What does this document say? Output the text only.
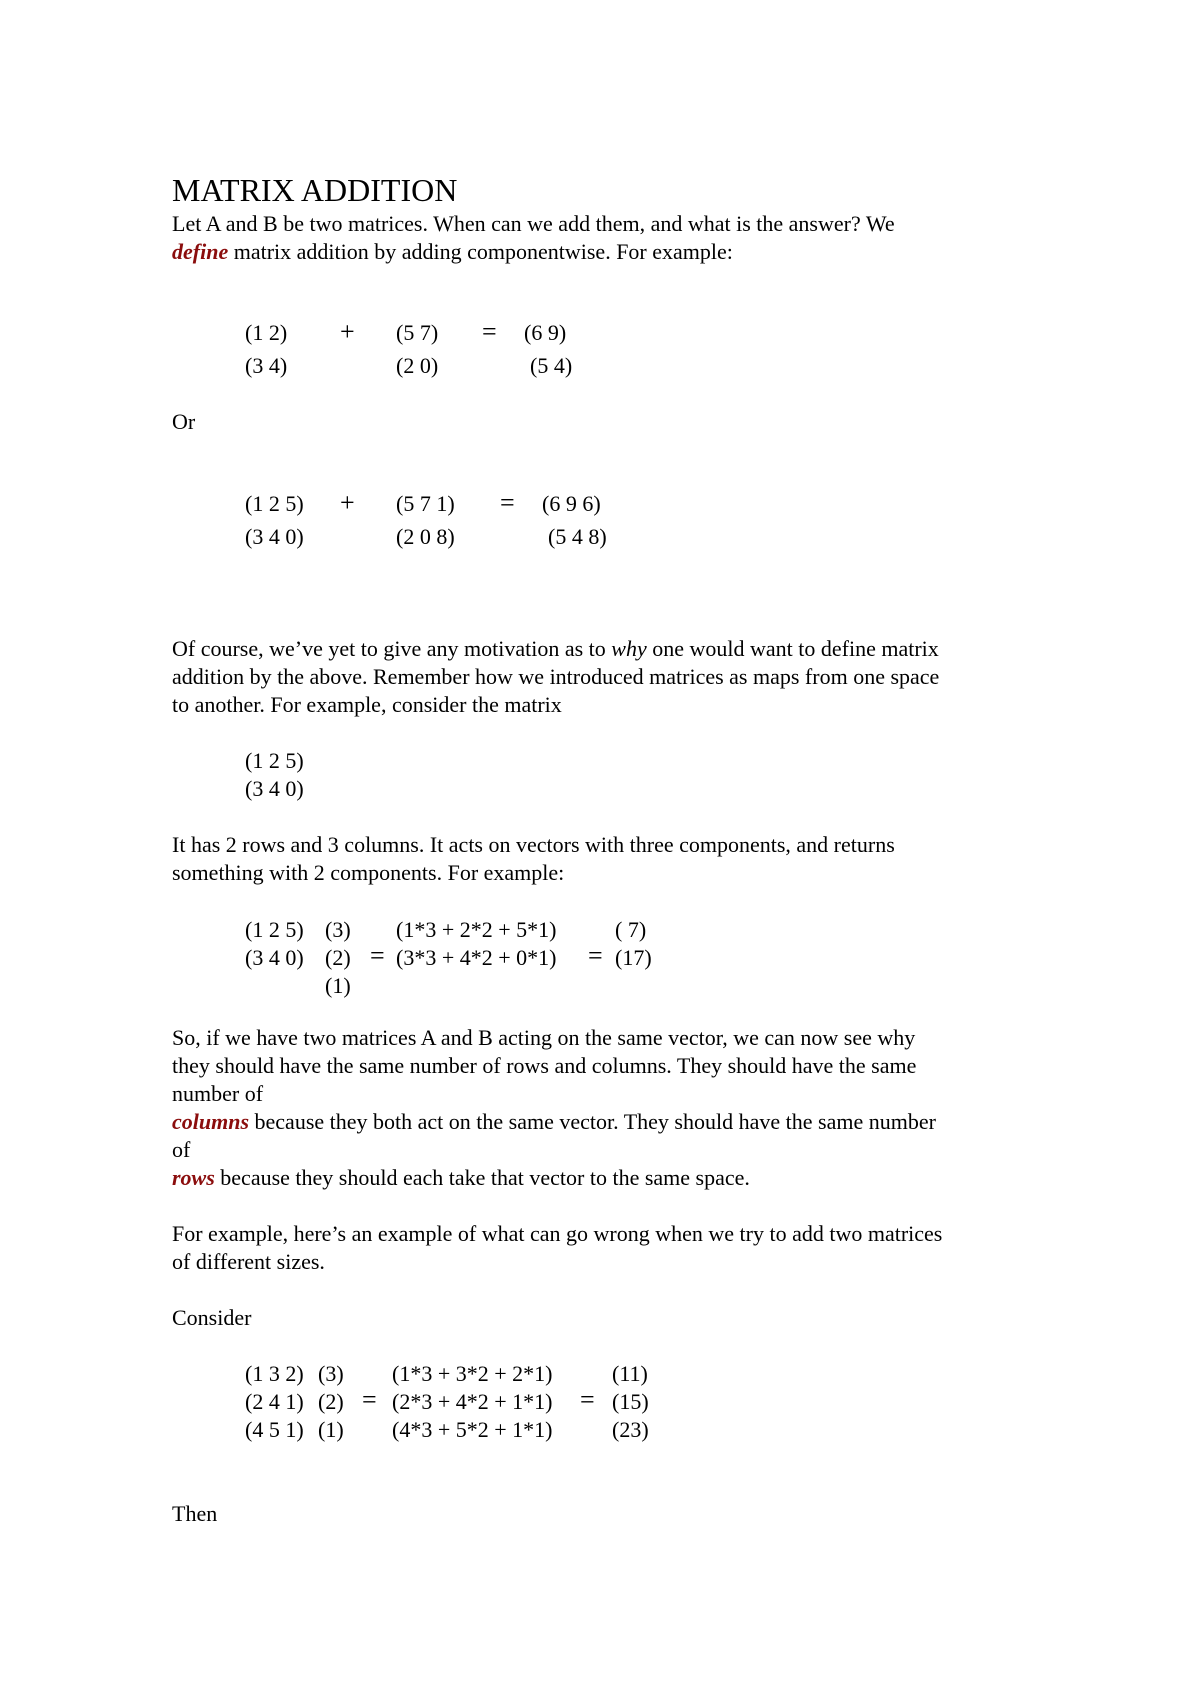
MATRIX ADDITION
Let A and B be two matrices. When can we add them, and what is the answer? We
define matrix addition by adding componentwise. For example:
(1 2)
(3 4)
+ (5 7)
(2 0)
= (6 9)
(5 4)
Or
(1 2 5)
(3 4 0)
+ (5 7 1)
(2 0 8)
= (6 9 6)
(5 4 8)
Of course, we’ve yet to give any motivation as to why one would want to define matrix
addition by the above. Remember how we introduced matrices as maps from one space
to another. For example, consider the matrix
(1 2 5)
(3 4 0)
It has 2 rows and 3 columns. It acts on vectors with three components, and returns
something with 2 components. For example:
(1 2 5)
(3 4 0)
(3)
(2)
(1)
=
(1*3 + 2*2 + 5*1)
(3*3 + 4*2 + 0*1) =
( 7)
(17)
So, if we have two matrices A and B acting on the same vector, we can now see why
they should have the same number of rows and columns. They should have the same
number of
columns because they both act on the same vector. They should have the same number
of
rows because they should each take that vector to the same space.
For example, here’s an example of what can go wrong when we try to add two matrices
of different sizes.
Consider
(1 3 2)
(2 4 1)
(4 5 1)
(3)
(2)
(1)
=
(1*3 + 3*2 + 2*1)
(2*3 + 4*2 + 1*1)
(4*3 + 5*2 + 1*1)
=
(11)
(15)
(23)
Then
